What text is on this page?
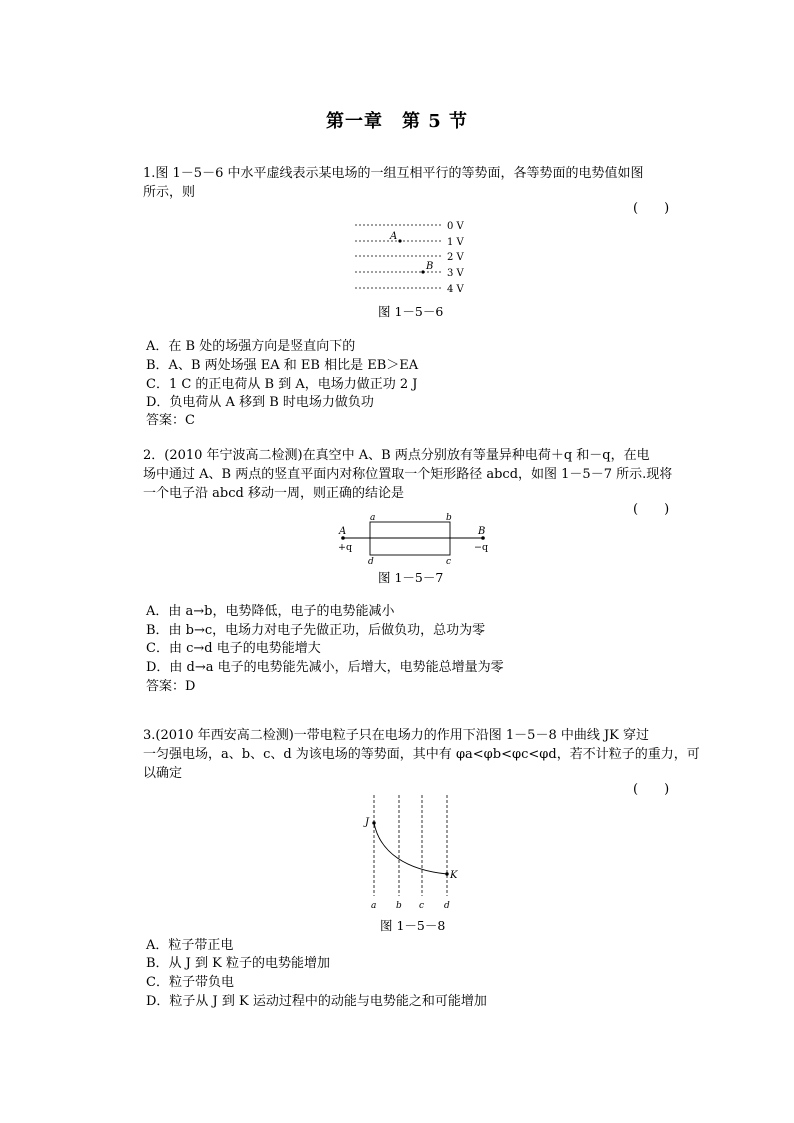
第一章　第 5 节
1.图 1－5－6 中水平虚线表示某电场的一组互相平行的等势面，各等势面的电势值如图
所示，则
(　　)
0 V
1 V
2 V
3 V
4 V
A
B
图 1－5－6
A．在 B 处的场强方向是竖直向下的
B．A、B 两处场强 EA 和 EB 相比是 EB＞EA
C．1 C 的正电荷从 B 到 A，电场力做正功 2 J
D．负电荷从 A 移到 B 时电场力做负功
答案：C
2．(2010 年宁波高二检测)在真空中 A、B 两点分别放有等量异种电荷＋q 和－q，在电
场中通过 A、B 两点的竖直平面内对称位置取一个矩形路径 abcd，如图 1－5－7 所示.现将
一个电子沿 abcd 移动一周，则正确的结论是
(　　)
A
+q
B
−q
a	b
c
d
图 1－5－7
A．由 a→b，电势降低，电子的电势能减小
B．由 b→c，电场力对电子先做正功，后做负功，总功为零
C．由 c→d 电子的电势能增大
D．由 d→a 电子的电势能先减小，后增大，电势能总增量为零
答案：D
3.(2010 年西安高二检测)一带电粒子只在电场力的作用下沿图 1－5－8 中曲线 JK 穿过
一匀强电场，a、b、c、d 为该电场的等势面，其中有 φa<φb<φc<φd，若不计粒子的重力，可
以确定
(　　)
J
K
a b c d
图 1－5－8
A．粒子带正电
B．从 J 到 K 粒子的电势能增加
C．粒子带负电
D．粒子从 J 到 K 运动过程中的动能与电势能之和可能增加
